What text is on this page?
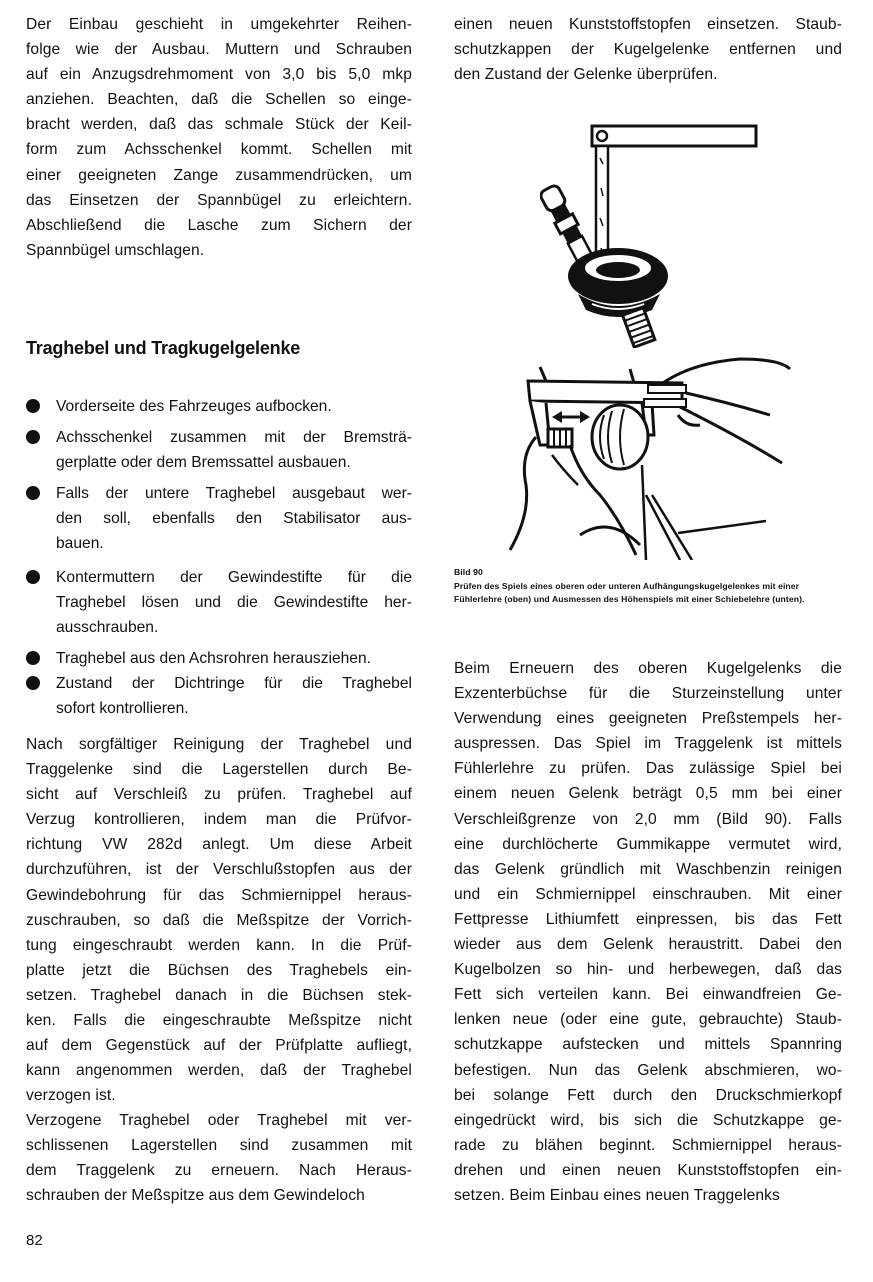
Der Einbau geschieht in umgekehrter Reihen-
folge wie der Ausbau. Muttern und Schrauben
auf ein Anzugsdrehmoment von 3,0 bis 5,0 mkp
anziehen. Beachten, daß die Schellen so einge-
bracht werden, daß das schmale Stück der Keil-
form zum Achsschenkel kommt. Schellen mit
einer geeigneten Zange zusammendrücken, um
das Einsetzen der Spannbügel zu erleichtern.
Abschließend die Lasche zum Sichern der
Spannbügel umschlagen.

Traghebel und Tragkugelgelenke
Vorderseite des Fahrzeuges aufbocken.
Achsschenkel zusammen mit der Bremsträ-
gerplatte oder dem Bremssattel ausbauen.
Falls der untere Traghebel ausgebaut wer-
den soll, ebenfalls den Stabilisator aus-
bauen.
Kontermuttern der Gewindestifte für die
Traghebel lösen und die Gewindestifte her-
ausschrauben.
Traghebel aus den Achsrohren herausziehen.
Zustand der Dichtringe für die Traghebel
sofort kontrollieren.

Nach sorgfältiger Reinigung der Traghebel und
Traggelenke sind die Lagerstellen durch Be-
sicht auf Verschleiß zu prüfen. Traghebel auf
Verzug kontrollieren, indem man die Prüfvor-
richtung VW 282d anlegt. Um diese Arbeit
durchzuführen, ist der Verschlußstopfen aus der
Gewindebohrung für das Schmiernippel heraus-
zuschrauben, so daß die Meßspitze der Vorrich-
tung eingeschraubt werden kann. In die Prüf-
platte jetzt die Büchsen des Traghebels ein-
setzen. Traghebel danach in die Büchsen stek-
ken. Falls die eingeschraubte Meßspitze nicht
auf dem Gegenstück auf der Prüfplatte aufliegt,
kann angenommen werden, daß der Traghebel
verzogen ist.

Verzogene Traghebel oder Traghebel mit ver-
schlissenen Lagerstellen sind zusammen mit
dem Traggelenk zu erneuern. Nach Heraus-
schrauben der Meßspitze aus dem Gewindeloch

einen neuen Kunststoffstopfen einsetzen. Staub-
schutzkappen der Kugelgelenke entfernen und
den Zustand der Gelenke überprüfen.

Bild 90
Prüfen des Spiels eines oberen oder unteren Aufhängungskugelgelenkes mit einer Fühlerlehre (oben) und Ausmessen des Höhenspiels mit einer Schiebelehre (unten).

Beim Erneuern des oberen Kugelgelenks die
Exzenterbüchse für die Sturzeinstellung unter
Verwendung eines geeigneten Preßstempels her-
auspressen. Das Spiel im Traggelenk ist mittels
Fühlerlehre zu prüfen. Das zulässige Spiel bei
einem neuen Gelenk beträgt 0,5 mm bei einer
Verschleißgrenze von 2,0 mm (Bild 90). Falls
eine durchlöcherte Gummikappe vermutet wird,
das Gelenk gründlich mit Waschbenzin reinigen
und ein Schmiernippel einschrauben. Mit einer
Fettpresse Lithiumfett einpressen, bis das Fett
wieder aus dem Gelenk heraustritt. Dabei den
Kugelbolzen so hin- und herbewegen, daß das
Fett sich verteilen kann. Bei einwandfreien Ge-
lenken neue (oder eine gute, gebrauchte) Staub-
schutzkappe aufstecken und mittels Spannring
befestigen. Nun das Gelenk abschmieren, wo-
bei solange Fett durch den Druckschmierkopf
eingedrückt wird, bis sich die Schutzkappe ge-
rade zu blähen beginnt. Schmiernippel heraus-
drehen und einen neuen Kunststoffstopfen ein-
setzen. Beim Einbau eines neuen Traggelenks

82
